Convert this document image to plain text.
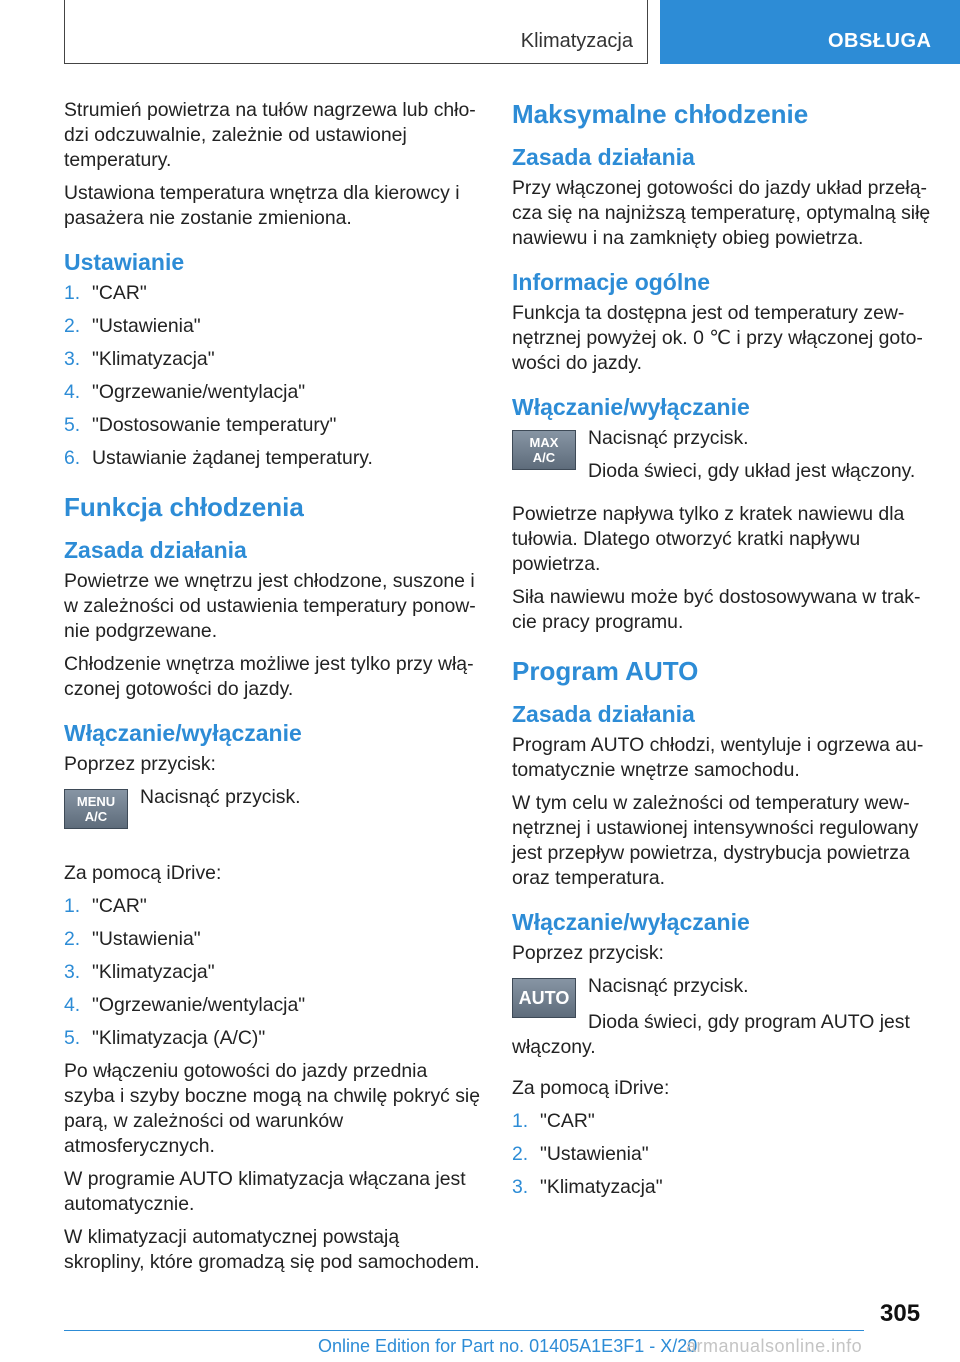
Klimatyzacja	OBSŁUGA

Strumień powietrza na tułów nagrzewa lub chłodzi odczuwalnie, zależnie od ustawionej temperatury.

Ustawiona temperatura wnętrza dla kierowcy i pasażera nie zostanie zmieniona.

Ustawianie
1. "CAR"
2. "Ustawienia"
3. "Klimatyzacja"
4. "Ogrzewanie/wentylacja"
5. "Dostosowanie temperatury"
6. Ustawianie żądanej temperatury.
Funkcja chłodzenia
Zasada działania

Powietrze we wnętrzu jest chłodzone, suszone i w zależności od ustawienia temperatury ponownie podgrzewane.

Chłodzenie wnętrza możliwe jest tylko przy włączonej gotowości do jazdy.

Włączanie/wyłączanie

Poprzez przycisk:

MENU
A/C

Nacisnąć przycisk.

Za pomocą iDrive:

1. "CAR"
2. "Ustawienia"
3. "Klimatyzacja"
4. "Ogrzewanie/wentylacja"
5. "Klimatyzacja (A/C)"

Po włączeniu gotowości do jazdy przednia szyba i szyby boczne mogą na chwilę pokryć się parą, w zależności od warunków atmosferycznych.

W programie AUTO klimatyzacja włączana jest automatycznie.

W klimatyzacji automatycznej powstają skropliny, które gromadzą się pod samochodem.

Maksymalne chłodzenie
Zasada działania

Przy włączonej gotowości do jazdy układ przełącza się na najniższą temperaturę, optymalną siłę nawiewu i na zamknięty obieg powietrza.

Informacje ogólne

Funkcja ta dostępna jest od temperatury zewnętrznej powyżej ok. 0 ℃ i przy włączonej gotowości do jazdy.

Włączanie/wyłączanie
MAX
A/C

Nacisnąć przycisk.

Dioda świeci, gdy układ jest włączony.

Powietrze napływa tylko z kratek nawiewu dla tułowia. Dlatego otworzyć kratki napływu powietrza.

Siła nawiewu może być dostosowywana w trakcie pracy programu.

Program AUTO
Zasada działania

Program AUTO chłodzi, wentyluje i ogrzewa automatycznie wnętrze samochodu.

W tym celu w zależności od temperatury wewnętrznej i ustawionej intensywności regulowany jest przepływ powietrza, dystrybucja powietrza oraz temperatura.

Włączanie/wyłączanie

Poprzez przycisk:

AUTO

Nacisnąć przycisk.

Dioda świeci, gdy program AUTO jest włączony.

Za pomocą iDrive:

1. "CAR"
2. "Ustawienia"
3. "Klimatyzacja"
305
Online Edition for Part no. 01405A1E3F1 - X/20
armanualsonline.info
